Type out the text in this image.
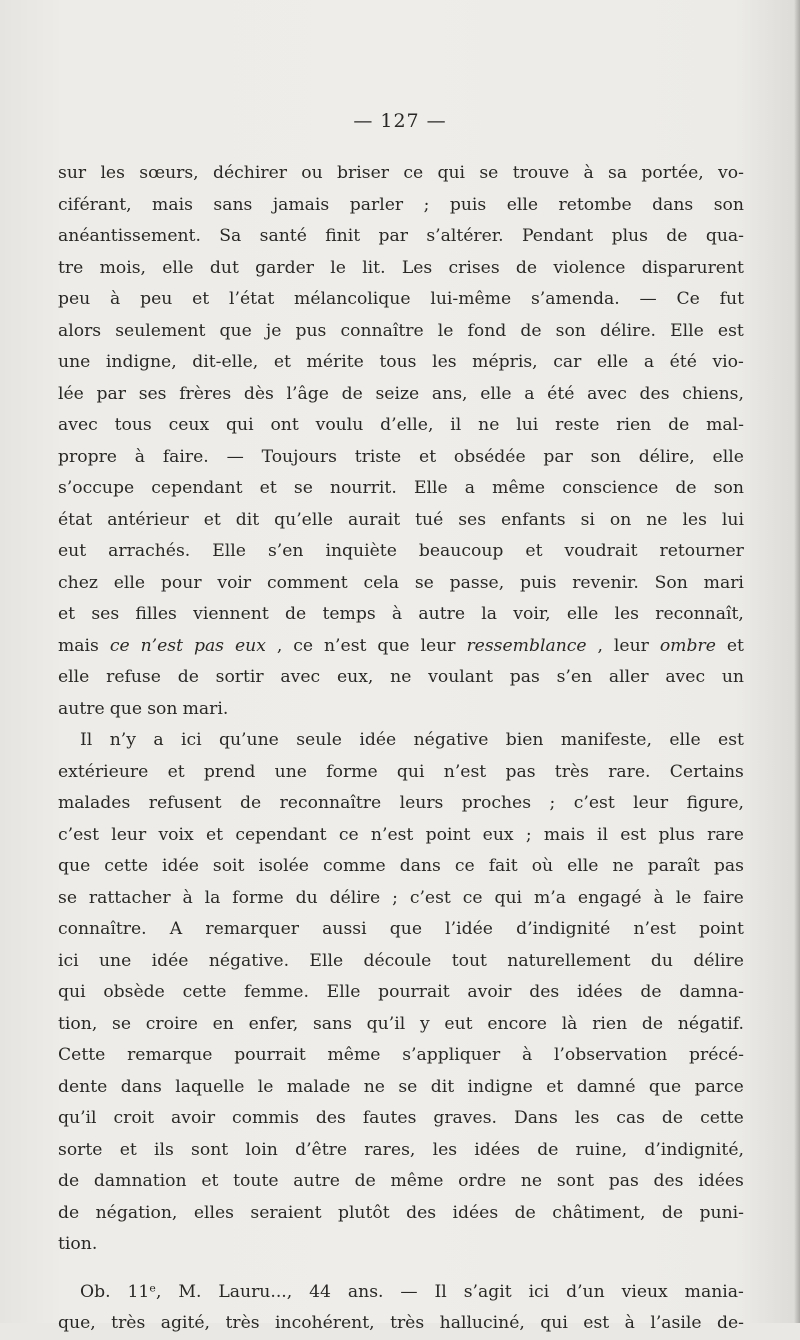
— 127 —
sur les sœurs, déchirer ou briser ce qui se trouve à sa portée, vo-
ciférant, mais sans jamais parler ; puis elle retombe dans son
anéantissement. Sa santé finit par s’altérer. Pendant plus de qua-
tre mois, elle dut garder le lit. Les crises de violence disparurent
peu à peu et l’état mélancolique lui-même s’amenda. — Ce fut
alors seulement que je pus connaître le fond de son délire. Elle est
une indigne, dit-elle, et mérite tous les mépris, car elle a été vio-
lée par ses frères dès l’âge de seize ans, elle a été avec des chiens,
avec tous ceux qui ont voulu d’elle, il ne lui reste rien de mal-
propre à faire. — Toujours triste et obsédée par son délire, elle
s’occupe cependant et se nourrit. Elle a même conscience de son
état antérieur et dit qu’elle aurait tué ses enfants si on ne les lui
eut arrachés. Elle s’en inquiète beaucoup et voudrait retourner
chez elle pour voir comment cela se passe, puis revenir. Son mari
et ses filles viennent de temps à autre la voir, elle les reconnaît,
mais ce n’est pas eux , ce n’est que leur ressemblance , leur ombre et
elle refuse de sortir avec eux, ne voulant pas s’en aller avec un
autre que son mari.
Il n’y a ici qu’une seule idée négative bien manifeste, elle est
extérieure et prend une forme qui n’est pas très rare. Certains
malades refusent de reconnaître leurs proches ; c’est leur figure,
c’est leur voix et cependant ce n’est point eux ; mais il est plus rare
que cette idée soit isolée comme dans ce fait où elle ne paraît pas
se rattacher à la forme du délire ; c’est ce qui m’a engagé à le faire
connaître. A remarquer aussi que l’idée d’indignité n’est point
ici une idée négative. Elle découle tout naturellement du délire
qui obsède cette femme. Elle pourrait avoir des idées de damna-
tion, se croire en enfer, sans qu’il y eut encore là rien de négatif.
Cette remarque pourrait même s’appliquer à l’observation précé-
dente dans laquelle le malade ne se dit indigne et damné que parce
qu’il croit avoir commis des fautes graves. Dans les cas de cette
sorte et ils sont loin d’être rares, les idées de ruine, d’indignité,
de damnation et toute autre de même ordre ne sont pas des idées
de négation, elles seraient plutôt des idées de châtiment, de puni-
tion.
Ob. 11ᵉ, M. Lauru..., 44 ans. — Il s’agit ici d’un vieux mania-
que, très agité, très incohérent, très halluciné, qui est à l’asile de-
